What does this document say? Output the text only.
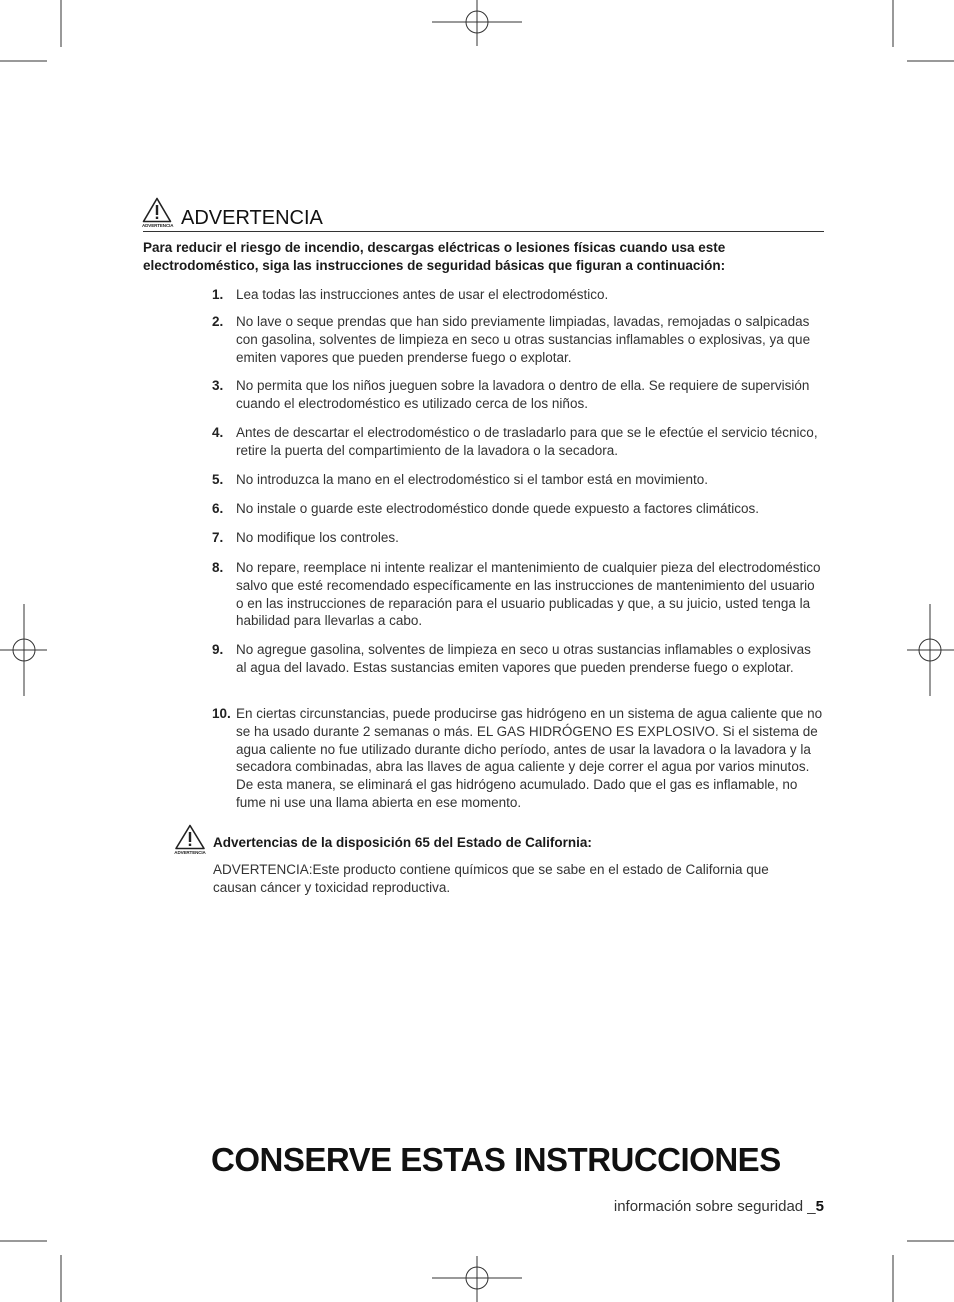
ADVERTENCIA ADVERTENCIA

Para reducir el riesgo de incendio, descargas eléctricas o lesiones físicas cuando usa este electrodoméstico, siga las instrucciones de seguridad básicas que figuran a continuación:

1. Lea todas las instrucciones antes de usar el electrodoméstico.
2. No lave o seque prendas que han sido previamente limpiadas, lavadas, remojadas o salpicadas con gasolina, solventes de limpieza en seco u otras sustancias inflamables o explosivas, ya que emiten vapores que pueden prenderse fuego o explotar.
3. No permita que los niños jueguen sobre la lavadora o dentro de ella. Se requiere de supervisión cuando el electrodoméstico es utilizado cerca de los niños.
4. Antes de descartar el electrodoméstico o de trasladarlo para que se le efectúe el servicio técnico, retire la puerta del compartimiento de la lavadora o la secadora.
5. No introduzca la mano en el electrodoméstico si el tambor está en movimiento.
6. No instale o guarde este electrodoméstico donde quede expuesto a factores climáticos.
7. No modifique los controles.
8. No repare, reemplace ni intente realizar el mantenimiento de cualquier pieza del electrodoméstico salvo que esté recomendado específicamente en las instrucciones de mantenimiento del usuario o en las instrucciones de reparación para el usuario publicadas y que, a su juicio, usted tenga la habilidad para llevarlas a cabo.
9. No agregue gasolina, solventes de limpieza en seco u otras sustancias inflamables o explosivas al agua del lavado. Estas sustancias emiten vapores que pueden prenderse fuego o explotar.
10. En ciertas circunstancias, puede producirse gas hidrógeno en un sistema de agua caliente que no se ha usado durante 2 semanas o más. EL GAS HIDRÓGENO ES EXPLOSIVO. Si el sistema de agua caliente no fue utilizado durante dicho período, antes de usar la lavadora o la lavadora y la secadora combinadas, abra las llaves de agua caliente y deje correr el agua por varios minutos. De esta manera, se eliminará el gas hidrógeno acumulado. Dado que el gas es inflamable, no fume ni use una llama abierta en ese momento.
ADVERTENCIA

Advertencias de la disposición 65 del Estado de California:

ADVERTENCIA:Este producto contiene químicos que se sabe en el estado de California que causan cáncer y toxicidad reproductiva.

CONSERVE ESTAS INSTRUCCIONES
información sobre seguridad _5
